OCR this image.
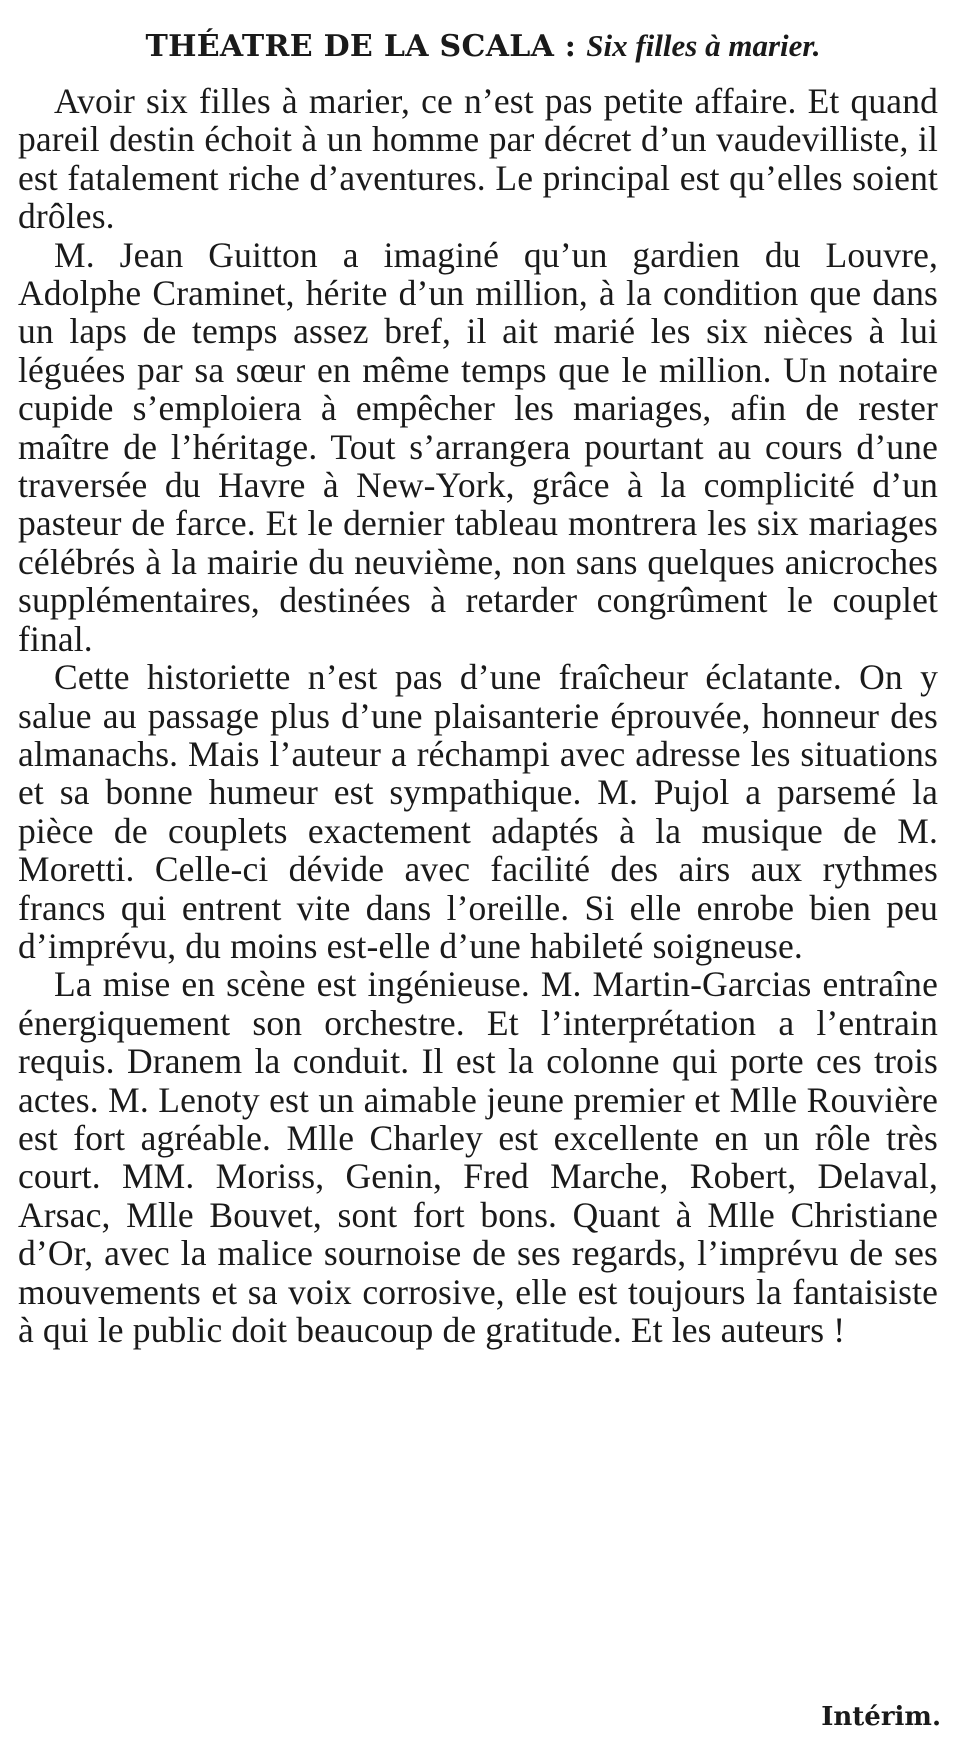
THÉATRE DE LA SCALA : Six filles à marier.

Avoir six filles à marier, ce n’est pas petite affaire. Et quand pareil destin échoit à un homme par décret d’un vaudevilliste, il est fatalement riche d’aventures. Le principal est qu’elles soient drôles.

M. Jean Guitton a imaginé qu’un gardien du Louvre, Adolphe Craminet, hérite d’un million, à la condition que dans un laps de temps assez bref, il ait marié les six nièces à lui léguées par sa sœur en même temps que le million. Un notaire cupide s’emploiera à empêcher les mariages, afin de rester maître de l’héritage. Tout s’arrangera pourtant au cours d’une traversée du Havre à New-York, grâce à la complicité d’un pasteur de farce. Et le dernier tableau montrera les six mariages célébrés à la mairie du neuvième, non sans quelques anicroches supplémentaires, destinées à retarder congrûment le couplet final.

Cette historiette n’est pas d’une fraîcheur éclatante. On y salue au passage plus d’une plaisanterie éprouvée, honneur des almanachs. Mais l’auteur a réchampi avec adresse les situations et sa bonne humeur est sympathique. M. Pujol a parsemé la pièce de couplets exactement adaptés à la musique de M. Moretti. Celle-ci dévide avec facilité des airs aux rythmes francs qui entrent vite dans l’oreille. Si elle enrobe bien peu d’imprévu, du moins est-elle d’une habileté soigneuse.

La mise en scène est ingénieuse. M. Martin-Garcias entraîne énergiquement son orchestre. Et l’interprétation a l’entrain requis. Dranem la conduit. Il est la colonne qui porte ces trois actes. M. Lenoty est un aimable jeune premier et Mlle Rouvière est fort agréable. Mlle Charley est excellente en un rôle très court. MM. Moriss, Genin, Fred Marche, Robert, Delaval, Arsac, Mlle Bouvet, sont fort bons. Quant à Mlle Christiane d’Or, avec la malice sournoise de ses regards, l’imprévu de ses mouvements et sa voix corrosive, elle est toujours la fantaisiste à qui le public doit beaucoup de gratitude. Et les auteurs !

Intérim.
